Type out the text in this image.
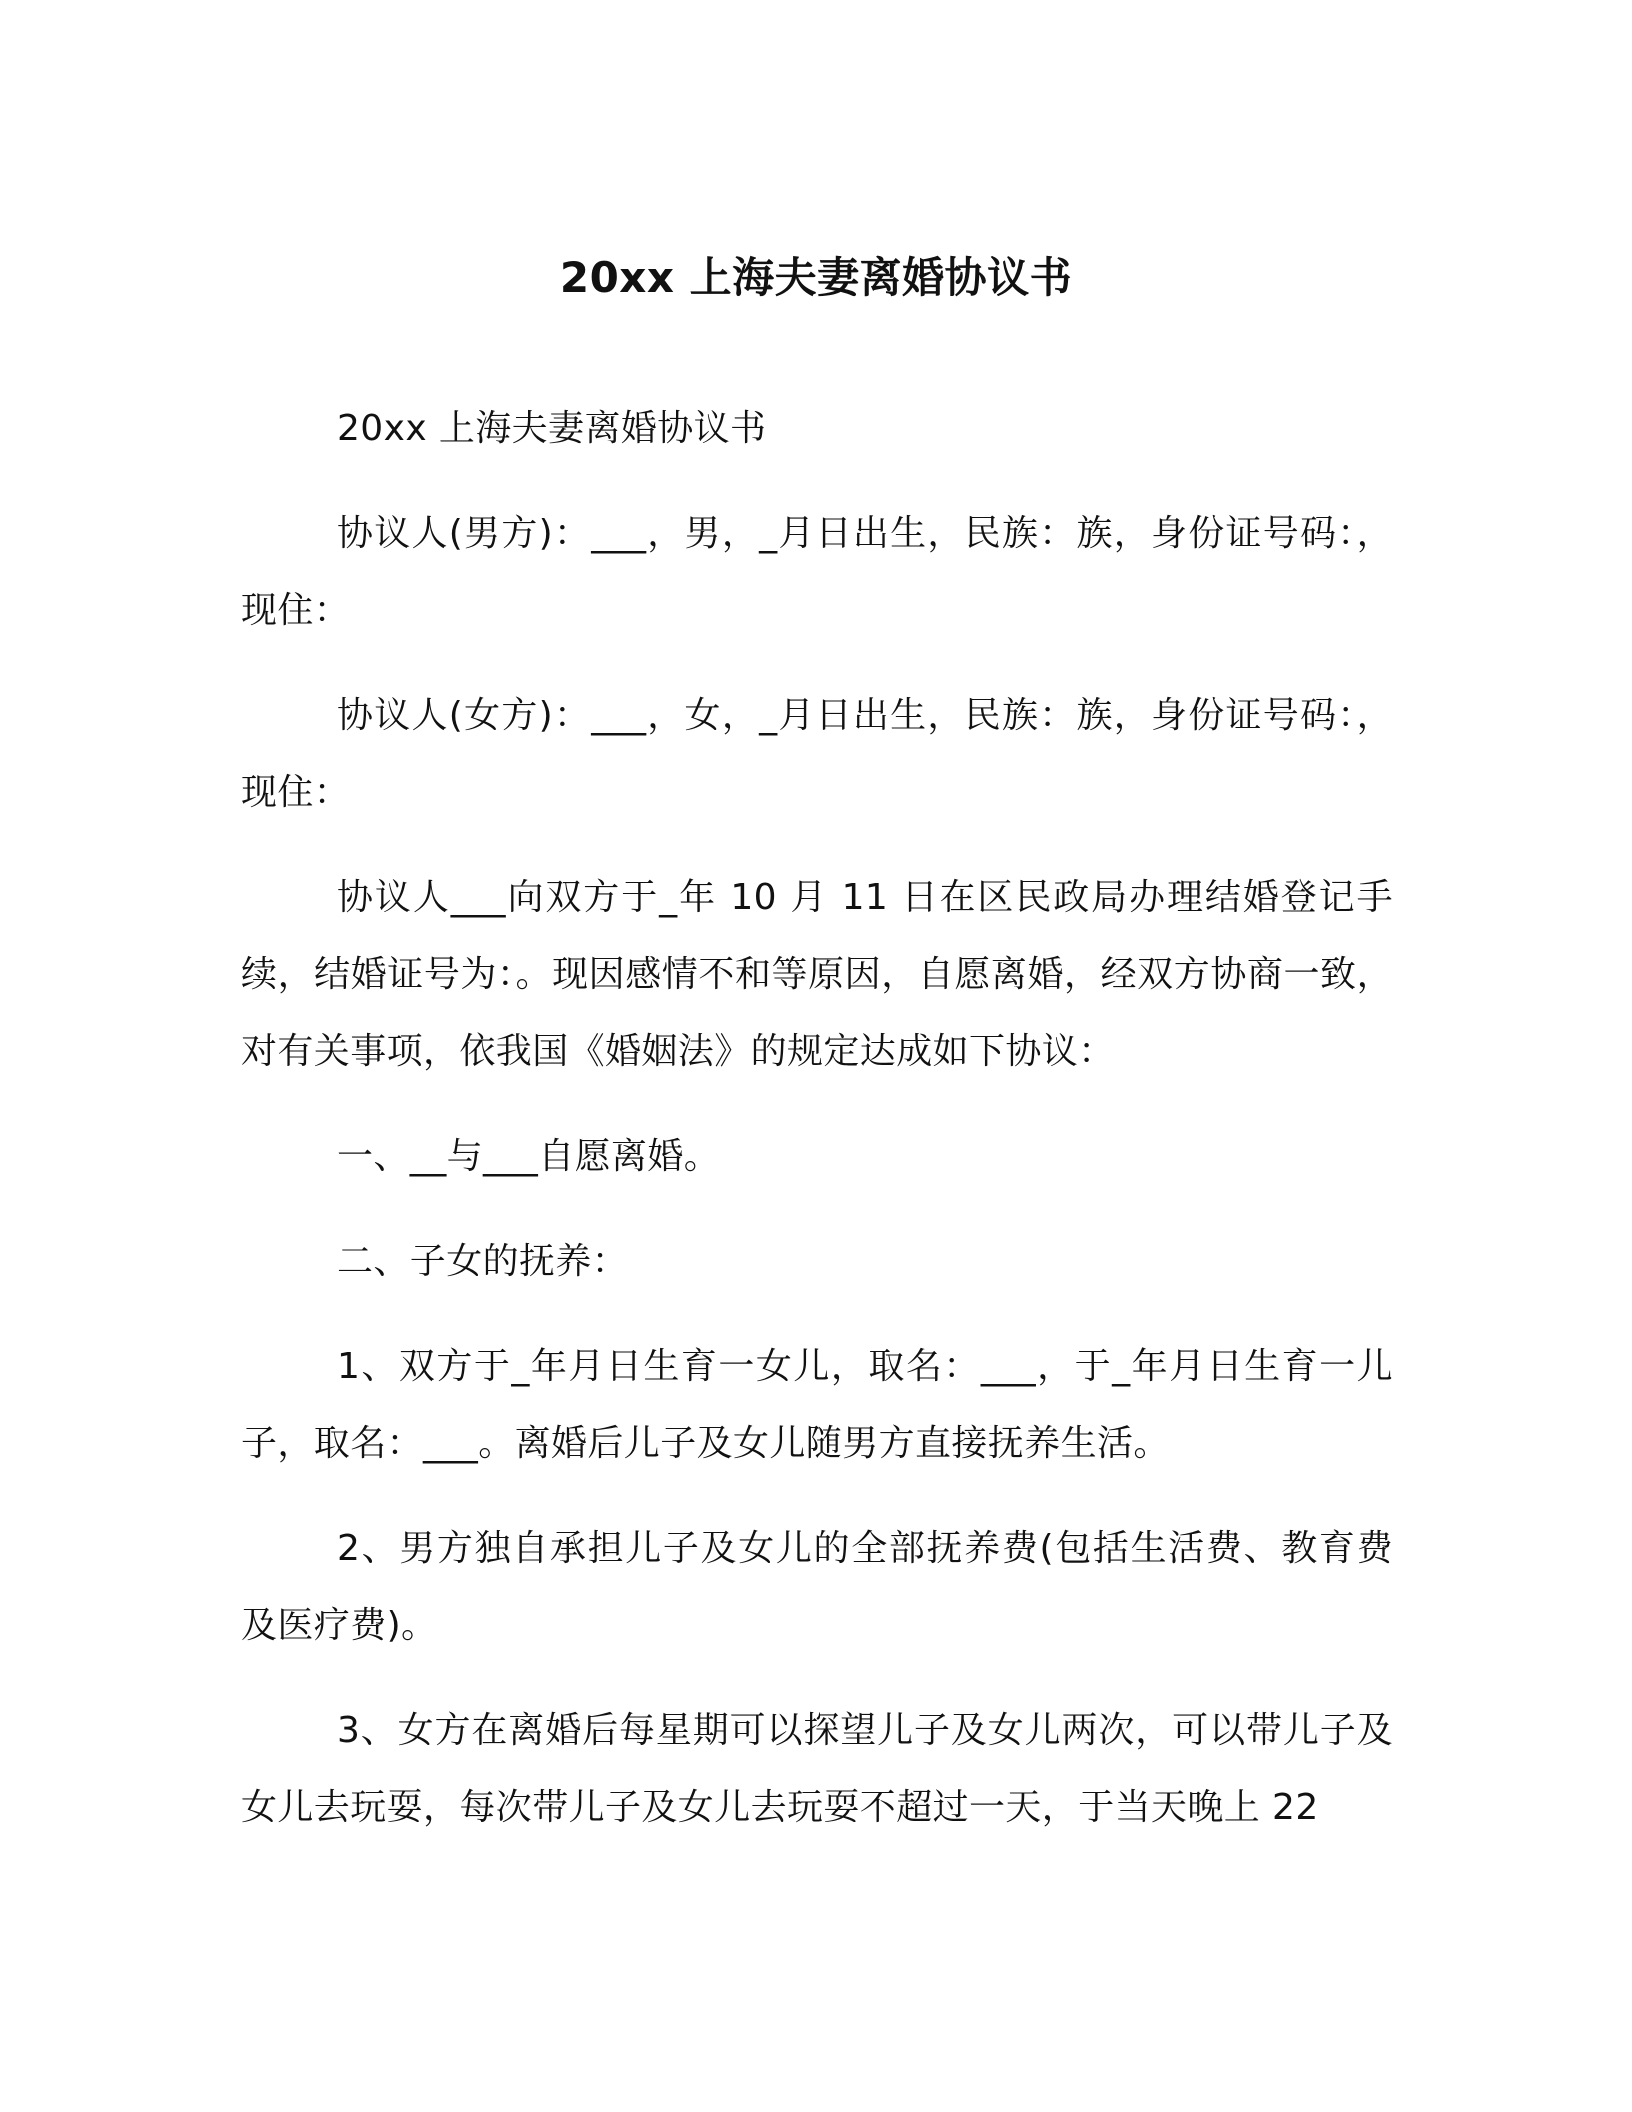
20xx 上海夫妻离婚协议书

20xx 上海夫妻离婚协议书

协议人(男方)：___，男，_月日出生，民族：族，身份证号码：，现住：

协议人(女方)：___，女，_月日出生，民族：族，身份证号码：，现住：

协议人___向双方于_年 10 月 11 日在区民政局办理结婚登记手续，结婚证号为：。现因感情不和等原因，自愿离婚，经双方协商一致，对有关事项，依我国《婚姻法》的规定达成如下协议：

一、__与___自愿离婚。

二、子女的抚养：

1、双方于_年月日生育一女儿，取名：___，于_年月日生育一儿子，取名：___。离婚后儿子及女儿随男方直接抚养生活。

2、男方独自承担儿子及女儿的全部抚养费(包括生活费、教育费及医疗费)。

3、女方在离婚后每星期可以探望儿子及女儿两次，可以带儿子及女儿去玩耍，每次带儿子及女儿去玩耍不超过一天，于当天晚上 22
